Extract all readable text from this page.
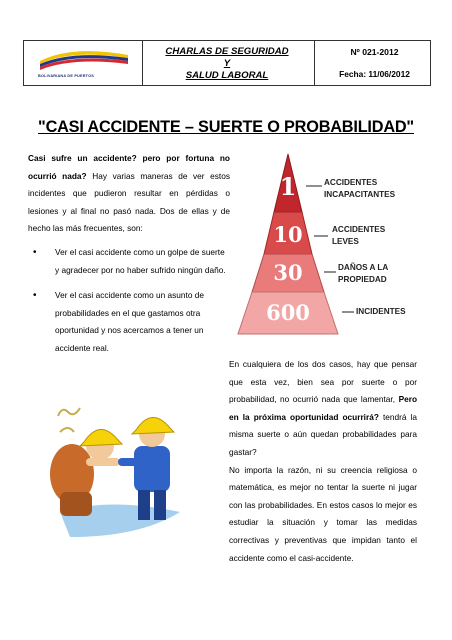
BOLIVARIANA DE PUERTOS
CHARLAS DE SEGURIDAD
Y
SALUD LABORAL
Nº 021-2012
Fecha: 11/06/2012
"CASI ACCIDENTE – SUERTE O PROBABILIDAD"

Casi sufre un accidente? pero por fortuna no ocurrió nada? Hay varias maneras de ver estos incidentes que pudieron resultar en pérdidas o lesiones y al final no pasó nada. Dos de ellas y de hecho las más frecuentes, son:

• Ver el casi accidente como un golpe de suerte y agradecer por no haber sufrido ningún daño.
• Ver el casi accidente como un asunto de probabilidades en el que gastamos otra oportunidad y nos acercamos a tener un accidente real.
1
10
30
600
ACCIDENTES INCAPACITANTES
ACCIDENTES LEVES
DAÑOS A LA PROPIEDAD
INCIDENTES

En cualquiera de los dos casos, hay que pensar que esta vez, bien sea por suerte o por probabilidad, no ocurrió nada que lamentar, Pero en la próxima oportunidad ocurrirá? tendrá la misma suerte o aún quedan probabilidades para gastar?

No importa la razón, ni su creencia religiosa o matemática, es mejor no tentar la suerte ni jugar con las probabilidades. En estos casos lo mejor es estudiar la situación y tomar las medidas correctivas y preventivas que impidan tanto el accidente como el casi-accidente.
